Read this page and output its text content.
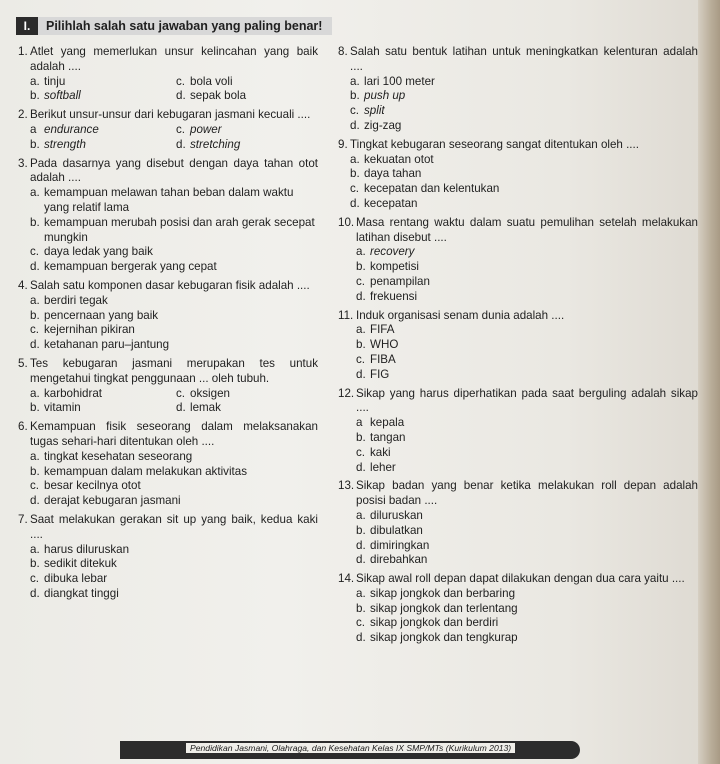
I.	Pilihlah salah satu jawaban yang paling benar!
1. Atlet yang memerlukan unsur kelincahan yang baik adalah ....
a. tinju	c. bola voli
b. softball	d. sepak bola
2. Berikut unsur-unsur dari kebugaran jasmani kecuali ....
a endurance	c. power
b. strength	d. stretching
3. Pada dasarnya yang disebut dengan daya tahan otot adalah ....
a. kemampuan melawan tahan beban dalam waktu yang relatif lama
b. kemampuan merubah posisi dan arah gerak secepat mungkin
c. daya ledak yang baik
d. kemampuan bergerak yang cepat
4. Salah satu komponen dasar kebugaran fisik adalah ....
a. berdiri tegak
b. pencernaan yang baik
c. kejernihan pikiran
d. ketahanan paru–jantung
5. Tes kebugaran jasmani merupakan tes untuk mengetahui tingkat penggunaan ... oleh tubuh.
a. karbohidrat	c. oksigen
b. vitamin	d. lemak
6. Kemampuan fisik seseorang dalam melaksanakan tugas sehari-hari ditentukan oleh ....
a. tingkat kesehatan seseorang
b. kemampuan dalam melakukan aktivitas
c. besar kecilnya otot
d. derajat kebugaran jasmani
7. Saat melakukan gerakan sit up yang baik, kedua kaki ....
a. harus diluruskan
b. sedikit ditekuk
c. dibuka lebar
d. diangkat tinggi
8. Salah satu bentuk latihan untuk meningkatkan kelenturan adalah ....
a. lari 100 meter
b. push up
c. split
d. zig-zag
9. Tingkat kebugaran seseorang sangat ditentukan oleh ....
a. kekuatan otot
b. daya tahan
c. kecepatan dan kelentukan
d. kecepatan
10. Masa rentang waktu dalam suatu pemulihan setelah melakukan latihan disebut ....
a. recovery
b. kompetisi
c. penampilan
d. frekuensi
11. Induk organisasi senam dunia adalah ....
a. FIFA
b. WHO
c. FIBA
d. FIG
12. Sikap yang harus diperhatikan pada saat berguling adalah sikap ....
a kepala
b. tangan
c. kaki
d. leher
13. Sikap badan yang benar ketika melakukan roll depan adalah posisi badan ....
a. diluruskan
b. dibulatkan
d. dimiringkan
d. direbahkan
14. Sikap awal roll depan dapat dilakukan dengan dua cara yaitu ....
a. sikap jongkok dan berbaring
b. sikap jongkok dan terlentang
c. sikap jongkok dan berdiri
d. sikap jongkok dan tengkurap
Pendidikan Jasmani, Olahraga, dan Kesehatan Kelas IX SMP/MTs (Kurikulum 2013)
